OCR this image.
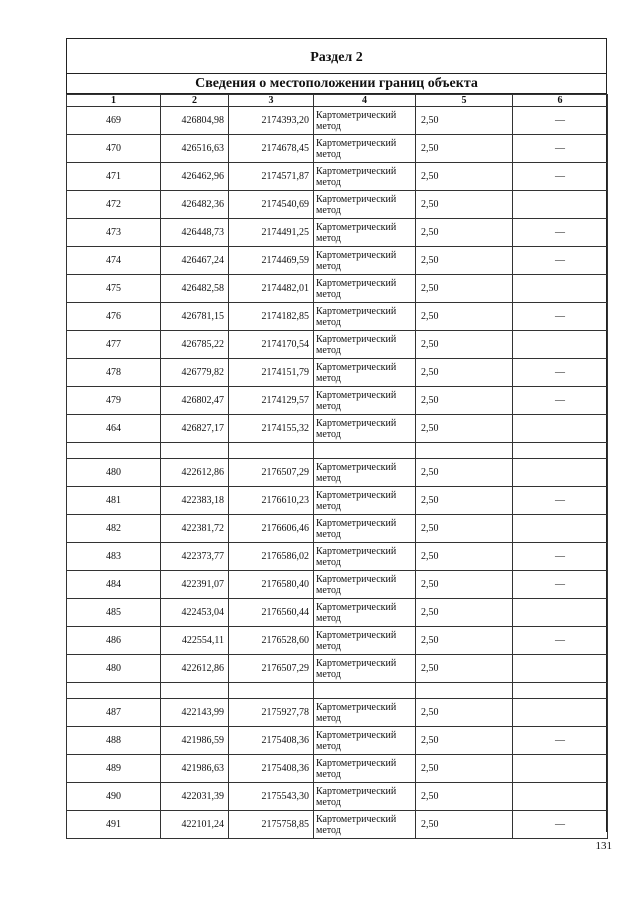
Раздел 2
Сведения о местоположении границ объекта
1	2	3	4	5	6
469	426804,98	2174393,20	Картометрический метод	2,50	—
470	426516,63	2174678,45	Картометрический метод	2,50	—
471	426462,96	2174571,87	Картометрический метод	2,50	—
472	426482,36	2174540,69	Картометрический метод	2,50	
473	426448,73	2174491,25	Картометрический метод	2,50	—
474	426467,24	2174469,59	Картометрический метод	2,50	—
475	426482,58	2174482,01	Картометрический метод	2,50	
476	426781,15	2174182,85	Картометрический метод	2,50	—
477	426785,22	2174170,54	Картометрический метод	2,50	
478	426779,82	2174151,79	Картометрический метод	2,50	—
479	426802,47	2174129,57	Картометрический метод	2,50	—
464	426827,17	2174155,32	Картометрический метод	2,50	

480	422612,86	2176507,29	Картометрический метод	2,50	
481	422383,18	2176610,23	Картометрический метод	2,50	—
482	422381,72	2176606,46	Картометрический метод	2,50	
483	422373,77	2176586,02	Картометрический метод	2,50	—
484	422391,07	2176580,40	Картометрический метод	2,50	—
485	422453,04	2176560,44	Картометрический метод	2,50	
486	422554,11	2176528,60	Картометрический метод	2,50	—
480	422612,86	2176507,29	Картометрический метод	2,50	

487	422143,99	2175927,78	Картометрический метод	2,50	
488	421986,59	2175408,36	Картометрический метод	2,50	—
489	421986,63	2175408,36	Картометрический метод	2,50	
490	422031,39	2175543,30	Картометрический метод	2,50	
491	422101,24	2175758,85	Картометрический метод	2,50	—
131
